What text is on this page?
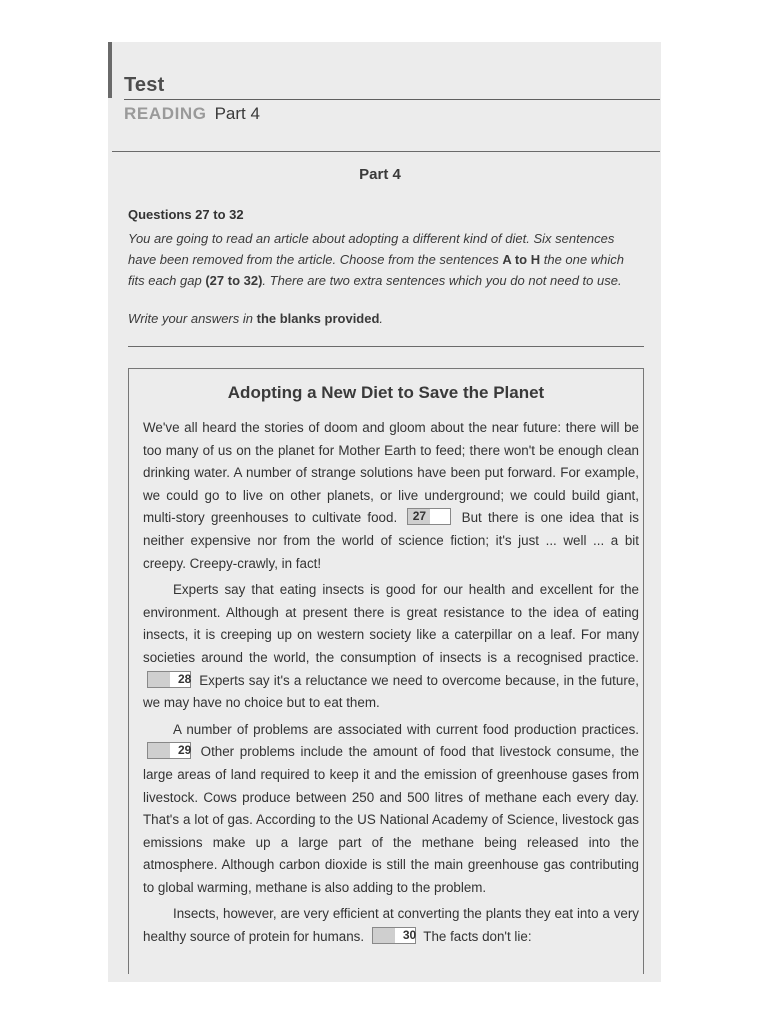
Test
READING Part 4
Part 4
Questions 27 to 32

You are going to read an article about adopting a different kind of diet. Six sentences have been removed from the article. Choose from the sentences A to H the one which fits each gap (27 to 32). There are two extra sentences which you do not need to use.

Write your answers in the blanks provided.

Adopting a New Diet to Save the Planet

We've all heard the stories of doom and gloom about the near future: there will be too many of us on the planet for Mother Earth to feed; there won't be enough clean drinking water. A number of strange solutions have been put forward. For example, we could go to live on other planets, or live underground; we could build giant, multi-story greenhouses to cultivate food.	27	But there is one idea that is neither expensive nor from the world of science fiction; it's just ... well ... a bit creepy. Creepy-crawly, in fact!

Experts say that eating insects is good for our health and excellent for the environment. Although at present there is great resistance to the idea of eating insects, it is creeping up on western society like a caterpillar on a leaf. For many societies around the world, the consumption of insects is a recognised practice.
28 Experts say it's a reluctance we need to overcome because, in the future, we may have no choice but to eat them.

A number of problems are associated with current food production practices.
29 Other problems include the amount of food that livestock consume, the large areas of land required to keep it and the emission of greenhouse gases from livestock. Cows produce between 250 and 500 litres of methane each every day. That's a lot of gas. According to the US National Academy of Science, livestock gas emissions make up a large part of the methane being released into the atmosphere. Although carbon dioxide is still the main greenhouse gas contributing to global warming, methane is also adding to the problem.

Insects, however, are very efficient at converting the plants they eat into a very healthy source of protein for humans.	30 The facts don't lie:
